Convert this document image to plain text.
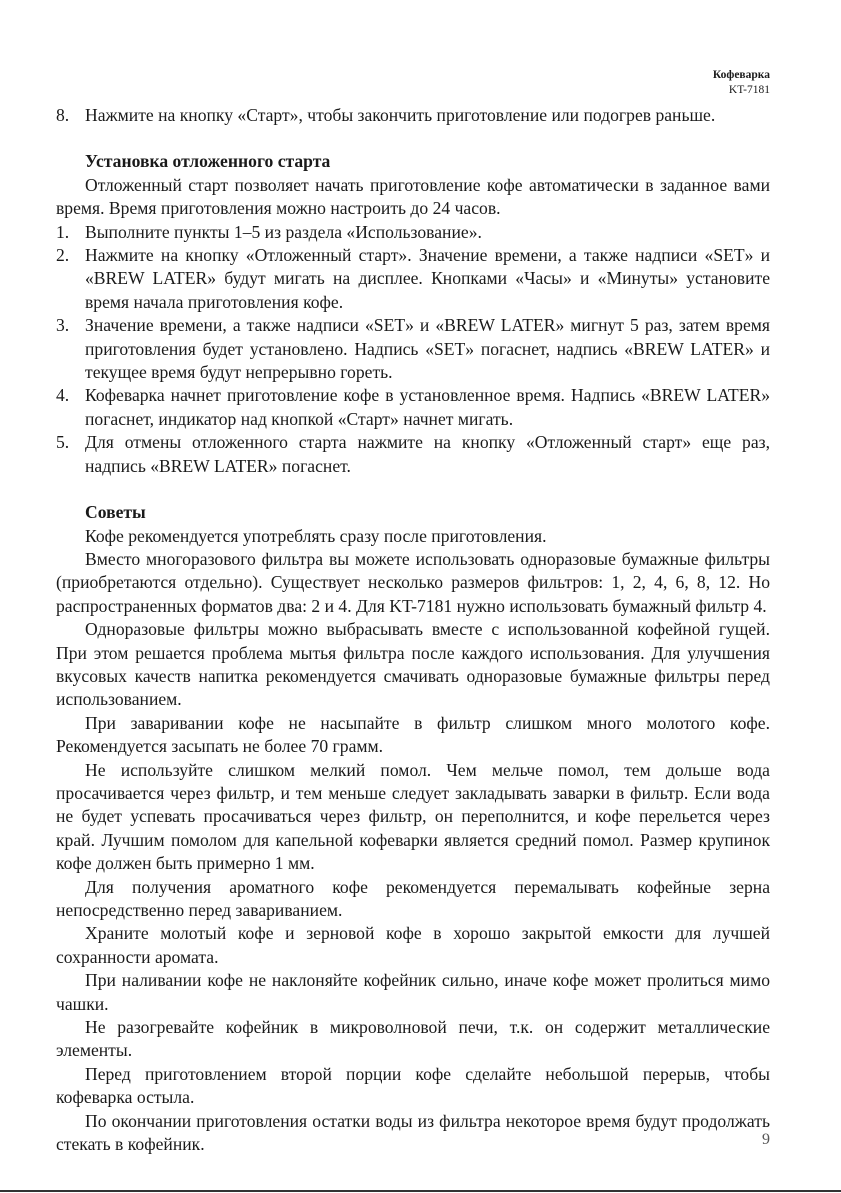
Кофеварка
KT-7181
8. Нажмите на кнопку «Старт», чтобы закончить приготовление или подогрев раньше.
Установка отложенного старта

Отложенный старт позволяет начать приготовление кофе автоматически в заданное вами время. Время приготовления можно настроить до 24 часов.

1. Выполните пункты 1–5 из раздела «Использование».
2. Нажмите на кнопку «Отложенный старт». Значение времени, а также надписи «SET» и «BREW LATER» будут мигать на дисплее. Кнопками «Часы» и «Минуты» установите время начала приготовления кофе.
3. Значение времени, а также надписи «SET» и «BREW LATER» мигнут 5 раз, затем время приготовления будет установлено. Надпись «SET» погаснет, надпись «BREW LATER» и текущее время будут непрерывно гореть.
4. Кофеварка начнет приготовление кофе в установленное время. Надпись «BREW LATER» погаснет, индикатор над кнопкой «Старт» начнет мигать.
5. Для отмены отложенного старта нажмите на кнопку «Отложенный старт» еще раз, надпись «BREW LATER» погаснет.
Советы

Кофе рекомендуется употреблять сразу после приготовления.

Вместо многоразового фильтра вы можете использовать одноразовые бумажные фильтры (приобретаются отдельно). Существует несколько размеров фильтров: 1, 2, 4, 6, 8, 12. Но распространенных форматов два: 2 и 4. Для KT-7181 нужно использовать бумажный фильтр 4.

Одноразовые фильтры можно выбрасывать вместе с использованной кофейной гущей. При этом решается проблема мытья фильтра после каждого использования. Для улучшения вкусовых качеств напитка рекомендуется смачивать одноразовые бумажные фильтры перед использованием.

При заваривании кофе не насыпайте в фильтр слишком много молотого кофе. Рекомендуется засыпать не более 70 грамм.

Не используйте слишком мелкий помол. Чем мельче помол, тем дольше вода просачивается через фильтр, и тем меньше следует закладывать заварки в фильтр. Если вода не будет успевать просачиваться через фильтр, он переполнится, и кофе перельется через край. Лучшим помолом для капельной кофеварки является средний помол. Размер крупинок кофе должен быть примерно 1 мм.

Для получения ароматного кофе рекомендуется перемалывать кофейные зерна непосредственно перед завариванием.

Храните молотый кофе и зерновой кофе в хорошо закрытой емкости для лучшей сохранности аромата.

При наливании кофе не наклоняйте кофейник сильно, иначе кофе может пролиться мимо чашки.

Не разогревайте кофейник в микроволновой печи, т.к. он содержит металлические элементы.

Перед приготовлением второй порции кофе сделайте небольшой перерыв, чтобы кофеварка остыла.

По окончании приготовления остатки воды из фильтра некоторое время будут продолжать стекать в кофейник.	9
